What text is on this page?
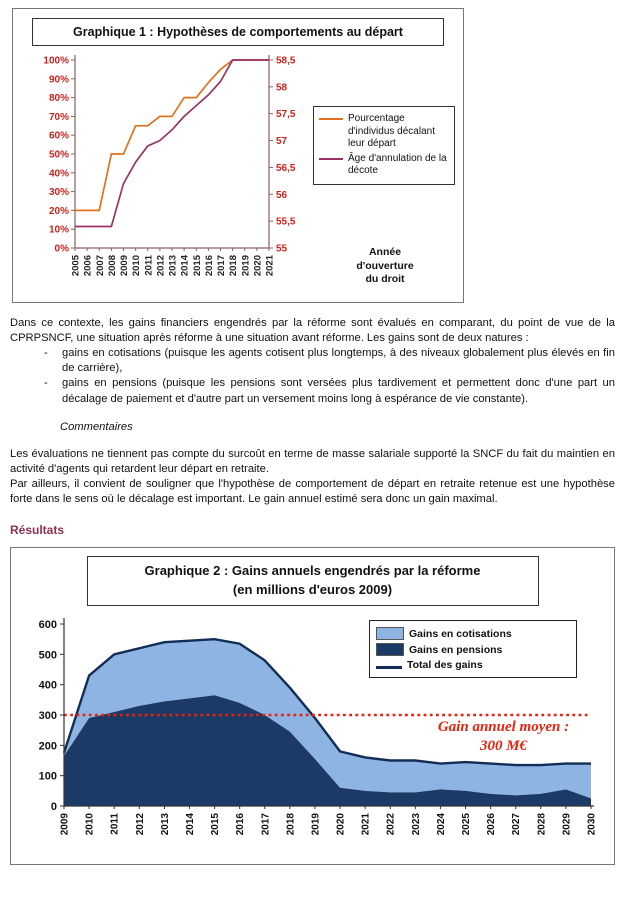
Graphique 1 : Hypothèses de comportements au départ
0%
10%
20%
30%
40%
50%
60%
70%
80%
90%
100%
55
55,5
56
56,5
57
57,5
58
58,5
2005 2006 2007 2008 2009 2010 2011 2012 2013 2014 2015 2016 2017 2018 2019 2020 2021
Pourcentage d'individus décalant leur départ
Âge d'annulation de la décote
Année
d'ouverture
du droit

Dans ce contexte, les gains financiers engendrés par la réforme sont évalués en comparant, du point de vue de la CPRPSNCF, une situation après réforme à une situation avant réforme. Les gains sont de deux natures :

- gains en cotisations (puisque les agents cotisent plus longtemps, à des niveaux globalement plus élevés en fin de carrière),
- gains en pensions (puisque les pensions sont versées plus tardivement et permettent donc d'une part un décalage de paiement et d'autre part un versement moins long à espérance de vie constante).
Commentaires

Les évaluations ne tiennent pas compte du surcoût en terme de masse salariale supporté la SNCF du fait du maintien en activité d'agents qui retardent leur départ en retraite.

Par ailleurs, il convient de souligner que l'hypothèse de comportement de départ en retraite retenue est une hypothèse forte dans le sens où le décalage est important. Le gain annuel estimé sera donc un gain maximal.

Résultats
Graphique 2 : Gains annuels engendrés par la réforme
(en millions d'euros 2009)
0
100
200
300
400
500
600
2009 2010 2011 2012 2013 2014 2015 2016 2017 2018 2019 2020 2021 2022 2023 2024 2025 2026 2027 2028 2029 2030
Gains en cotisations
Gains en pensions
Total des gains
Gain annuel moyen :
300 M€
